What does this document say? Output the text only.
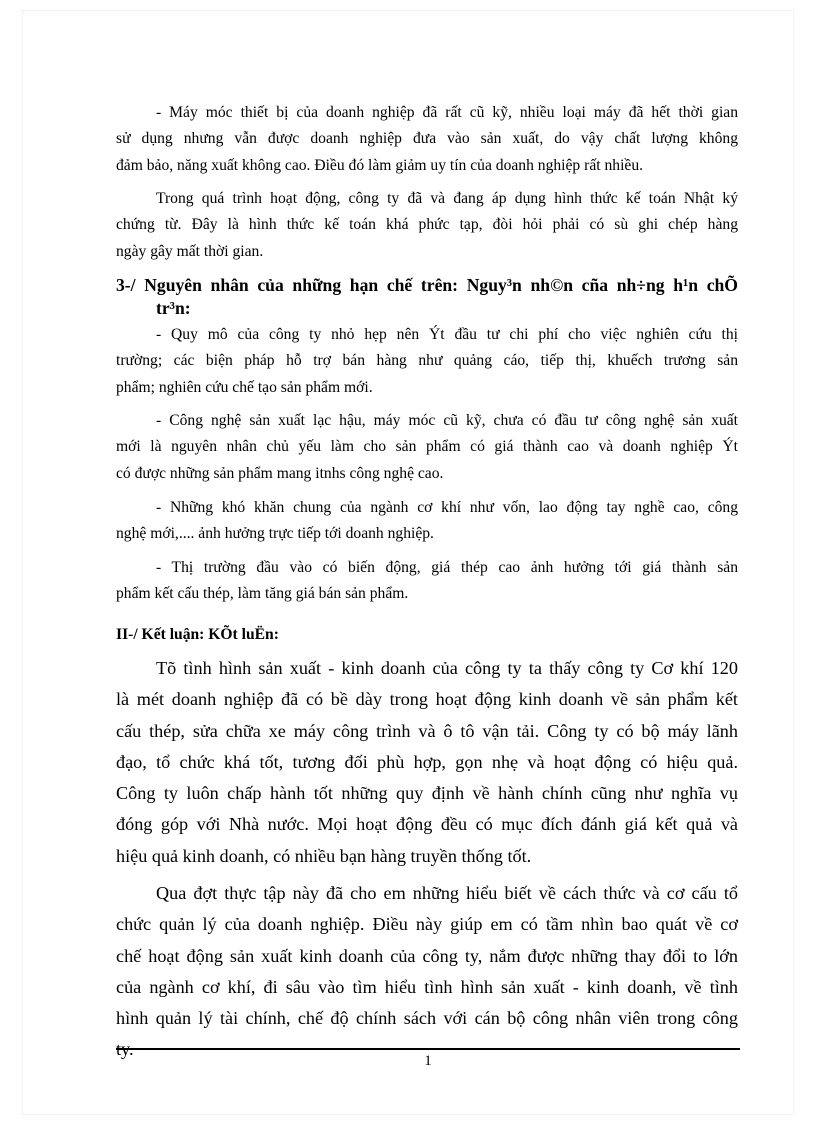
- Máy móc thiết bị của doanh nghiệp đã rất cũ kỹ, nhiều loại máy đã hết thời gian
sử dụng nhưng vẫn được doanh nghiệp đưa vào sản xuất, do vậy chất lượng không
đảm bảo, năng xuất không cao. Điều đó làm giảm uy tín của doanh nghiệp rất nhiều.
Trong quá trình hoạt động, công ty đã và đang áp dụng hình thức kế toán Nhật ký
chứng từ. Đây là hình thức kế toán khá phức tạp, đòi hỏi phải có sù ghi chép hàng
ngày gây mất thời gian.
3-/ Nguyên nhân của những hạn chế trên: Nguy³n nh©n cña nh÷ng h¹n chÕ
tr³n:
- Quy mô của công ty nhỏ hẹp nên Ýt đầu tư chi phí cho việc nghiên cứu thị
trường; các biện pháp hỗ trợ bán hàng như quảng cáo, tiếp thị, khuếch trương sản
phẩm; nghiên cứu chế tạo sản phẩm mới.
- Công nghệ sản xuất lạc hậu, máy móc cũ kỹ, chưa có đầu tư công nghệ sản xuất
mới là nguyên nhân chủ yếu làm cho sản phẩm có giá thành cao và doanh nghiệp Ýt
có được những sản phẩm mang itnhs công nghệ cao.
- Những khó khăn chung của ngành cơ khí như vốn, lao động tay nghề cao, công
nghệ mới,.... ảnh hưởng trực tiếp tới doanh nghiệp.
- Thị trường đầu vào có biến động, giá thép cao ảnh hưởng tới giá thành sản
phẩm kết cấu thép, làm tăng giá bán sản phẩm.
II-/ Kết luận: KÕt luËn:
Tõ tình hình sản xuất - kinh doanh của công ty ta thấy công ty Cơ khí 120
là mét doanh nghiệp đã có bề dày trong hoạt động kinh doanh về sản phẩm kết
cấu thép, sửa chữa xe máy công trình và ô tô vận tải. Công ty có bộ máy lãnh
đạo, tổ chức khá tốt, tương đối phù hợp, gọn nhẹ và hoạt động có hiệu quả.
Công ty luôn chấp hành tốt những quy định về hành chính cũng như nghĩa vụ
đóng góp với Nhà nước. Mọi hoạt động đều có mục đích đánh giá kết quả và
hiệu quả kinh doanh, có nhiều bạn hàng truyền thống tốt.
Qua đợt thực tập này đã cho em những hiểu biết về cách thức và cơ cấu tổ
chức quản lý của doanh nghiệp. Điều này giúp em có tầm nhìn bao quát về cơ
chế hoạt động sản xuất kinh doanh của công ty, nắm được những thay đổi to lớn
của ngành cơ khí, đi sâu vào tìm hiểu tình hình sản xuất - kinh doanh, về tình
hình quản lý tài chính, chế độ chính sách với cán bộ công nhân viên trong công
ty.
1
